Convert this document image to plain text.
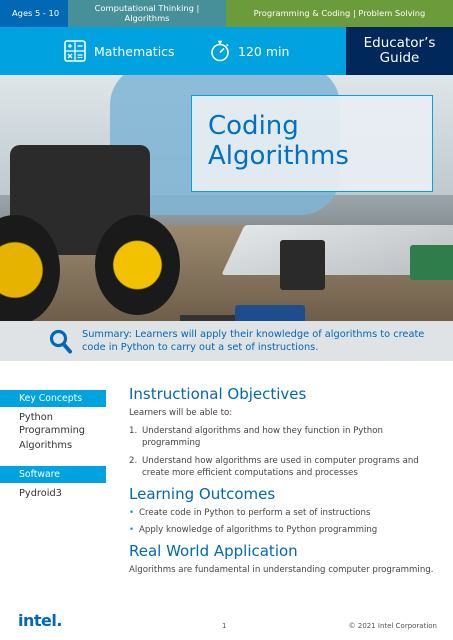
Ages 5 - 10	Computational Thinking | Algorithms	Programming & Coding | Problem Solving
Mathematics	120 min
Educator’s
Guide
Coding
Algorithms

Summary: Learners will apply their knowledge of algorithms to create code in Python to carry out a set of instructions.

Key Concepts
Python Programming
Algorithms
Software
Pydroid3
Instructional Objectives

Learners will be able to:

1. Understand algorithms and how they function in Python programming
2. Understand how algorithms are used in computer programs and create more efficient computations and processes
Learning Outcomes
• Create code in Python to perform a set of instructions
• Apply knowledge of algorithms to Python programming
Real World Application

Algorithms are fundamental in understanding computer programming.

intel.	1	© 2021 Intel Corporation
